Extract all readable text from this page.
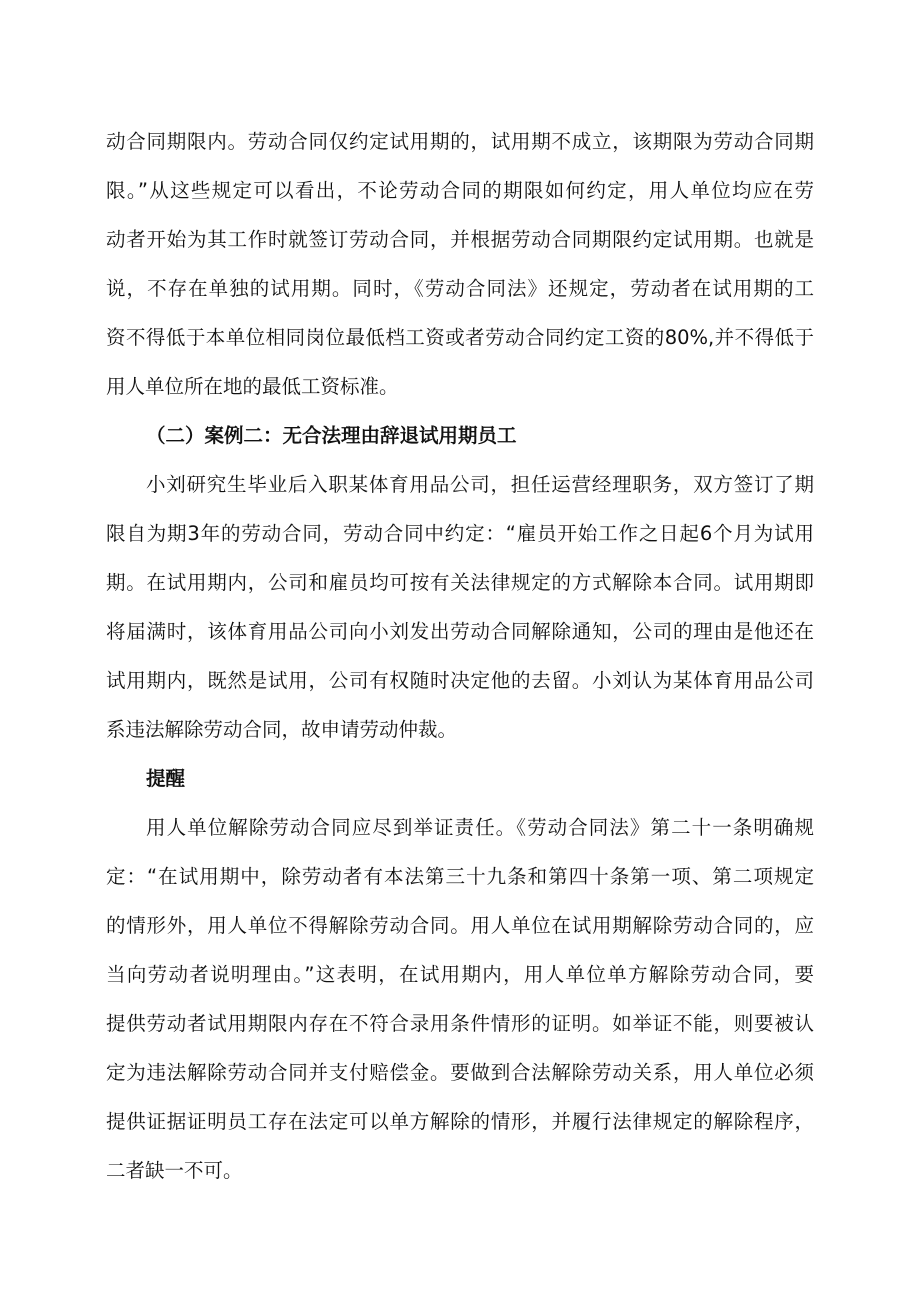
动合同期限内。劳动合同仅约定试用期的，试用期不成立，该期限为劳动合同期
限。”从这些规定可以看出，不论劳动合同的期限如何约定，用人单位均应在劳
动者开始为其工作时就签订劳动合同，并根据劳动合同期限约定试用期。也就是
说，不存在单独的试用期。同时，《劳动合同法》还规定，劳动者在试用期的工
资不得低于本单位相同岗位最低档工资或者劳动合同约定工资的80%,并不得低于
用人单位所在地的最低工资标准。
（二）案例二：无合法理由辞退试用期员工
小刘研究生毕业后入职某体育用品公司，担任运营经理职务，双方签订了期
限自为期3年的劳动合同，劳动合同中约定：“雇员开始工作之日起6个月为试用
期。在试用期内，公司和雇员均可按有关法律规定的方式解除本合同。试用期即
将届满时，该体育用品公司向小刘发出劳动合同解除通知，公司的理由是他还在
试用期内，既然是试用，公司有权随时决定他的去留。小刘认为某体育用品公司
系违法解除劳动合同，故申请劳动仲裁。
提醒
用人单位解除劳动合同应尽到举证责任。《劳动合同法》第二十一条明确规
定：“在试用期中，除劳动者有本法第三十九条和第四十条第一项、第二项规定
的情形外，用人单位不得解除劳动合同。用人单位在试用期解除劳动合同的，应
当向劳动者说明理由。”这表明，在试用期内，用人单位单方解除劳动合同，要
提供劳动者试用期限内存在不符合录用条件情形的证明。如举证不能，则要被认
定为违法解除劳动合同并支付赔偿金。要做到合法解除劳动关系，用人单位必须
提供证据证明员工存在法定可以单方解除的情形，并履行法律规定的解除程序，
二者缺一不可。
